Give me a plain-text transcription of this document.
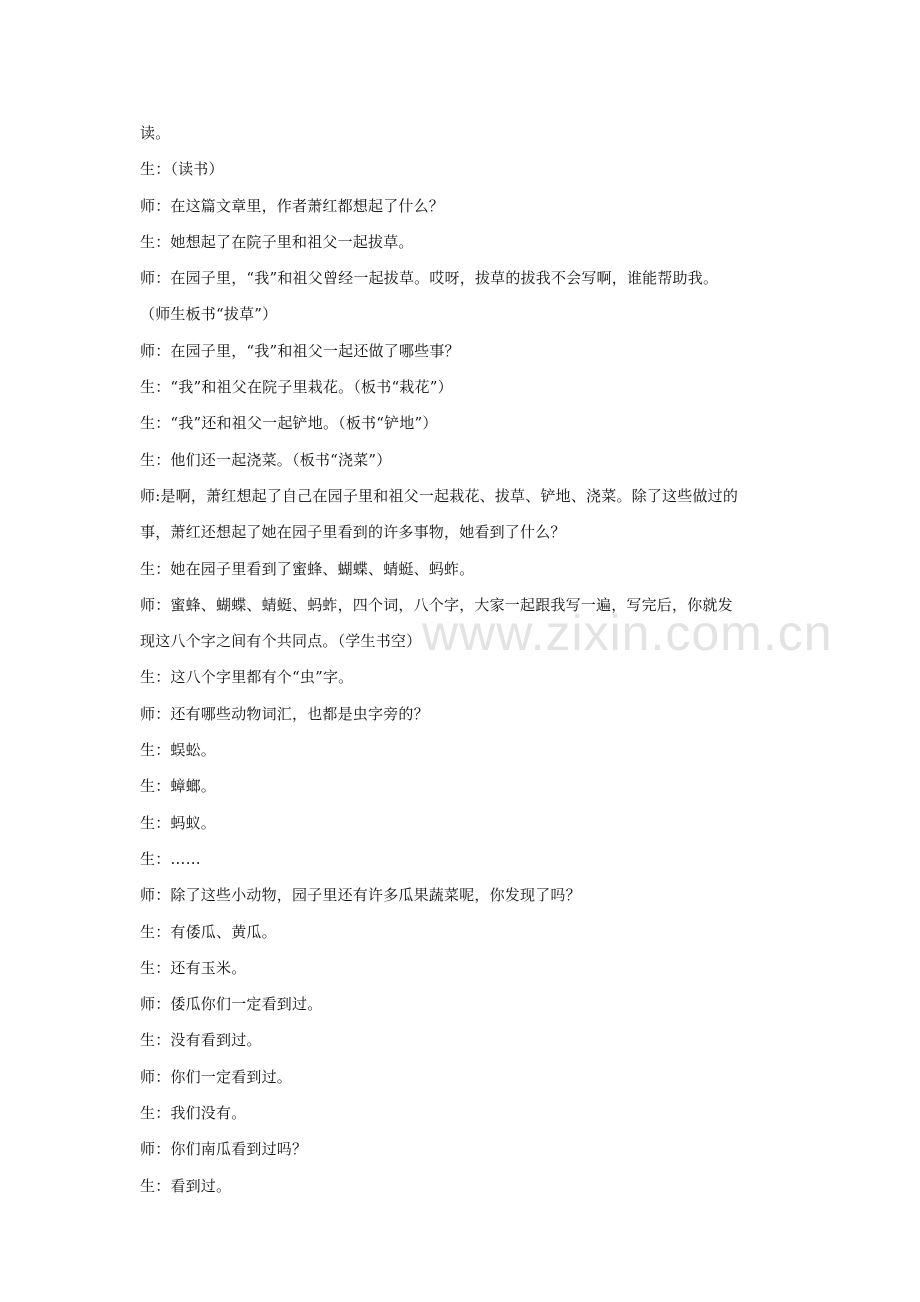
www.zixin.com.cn
读。
生：（读书）
师：在这篇文章里，作者萧红都想起了什么？
生：她想起了在院子里和祖父一起拔草。
师：在园子里，“我”和祖父曾经一起拔草。哎呀，拔草的拔我不会写啊，谁能帮助我。
（师生板书“拔草”）
师：在园子里，“我”和祖父一起还做了哪些事？
生：“我”和祖父在院子里栽花。（板书“栽花”）
生：“我”还和祖父一起铲地。（板书“铲地”）
生：他们还一起浇菜。（板书“浇菜”）
师:是啊，萧红想起了自己在园子里和祖父一起栽花、拔草、铲地、浇菜。除了这些做过的
事，萧红还想起了她在园子里看到的许多事物，她看到了什么？
生：她在园子里看到了蜜蜂、蝴蝶、蜻蜓、蚂蚱。
师：蜜蜂、蝴蝶、蜻蜓、蚂蚱，四个词，八个字，大家一起跟我写一遍，写完后，你就发
现这八个字之间有个共同点。（学生书空）
生：这八个字里都有个“虫”字。
师：还有哪些动物词汇，也都是虫字旁的？
生：蜈蚣。
生：蟑螂。
生：蚂蚁。
生：……
师：除了这些小动物，园子里还有许多瓜果蔬菜呢，你发现了吗？
生：有倭瓜、黄瓜。
生：还有玉米。
师：倭瓜你们一定看到过。
生：没有看到过。
师：你们一定看到过。
生：我们没有。
师：你们南瓜看到过吗？
生：看到过。
